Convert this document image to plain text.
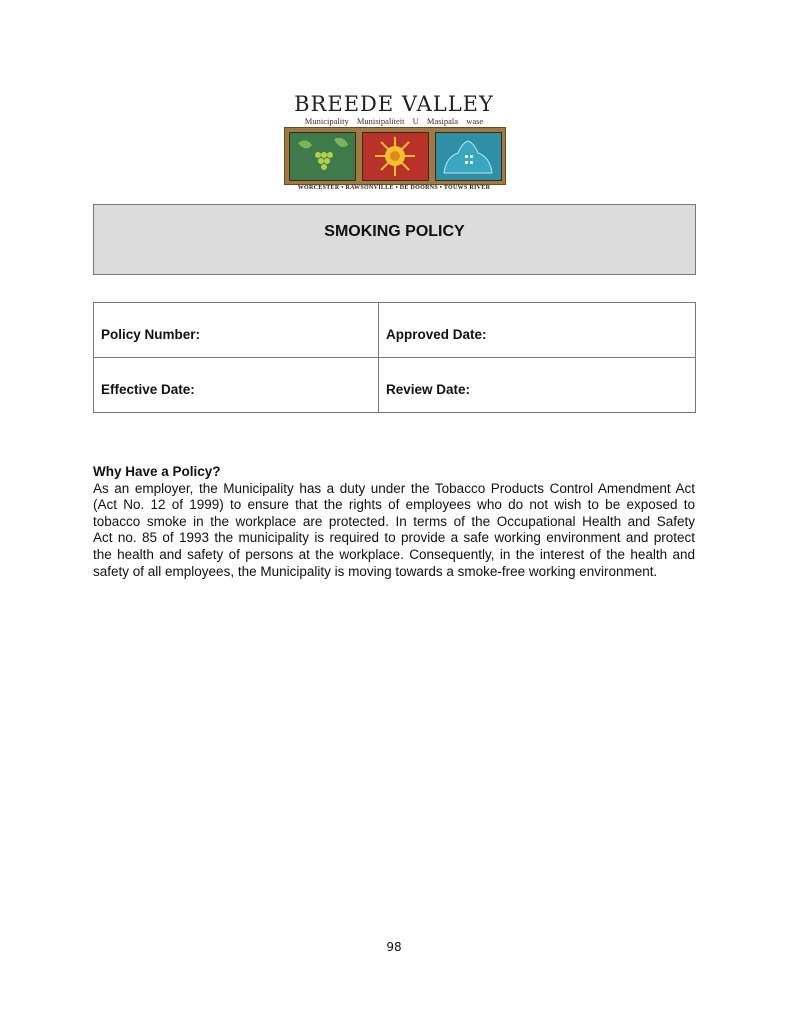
BREEDE VALLEY
Municipality Munisipaliteit U Masipala wase
WORCESTER • RAWSONVILLE • DE DOORNS • TOUWS RIVER
SMOKING POLICY
Policy Number:	Approved Date:
Effective Date:	Review Date:
Why Have a Policy?
As an employer, the Municipality has a duty under the Tobacco Products Control Amendment Act
(Act No. 12 of 1999) to ensure that the rights of employees who do not wish to be exposed to
tobacco smoke in the workplace are protected. In terms of the Occupational Health and Safety
Act no. 85 of 1993 the municipality is required to provide a safe working environment and protect
the health and safety of persons at the workplace. Consequently, in the interest of the health and
safety of all employees, the Municipality is moving towards a smoke-free working environment.
98
